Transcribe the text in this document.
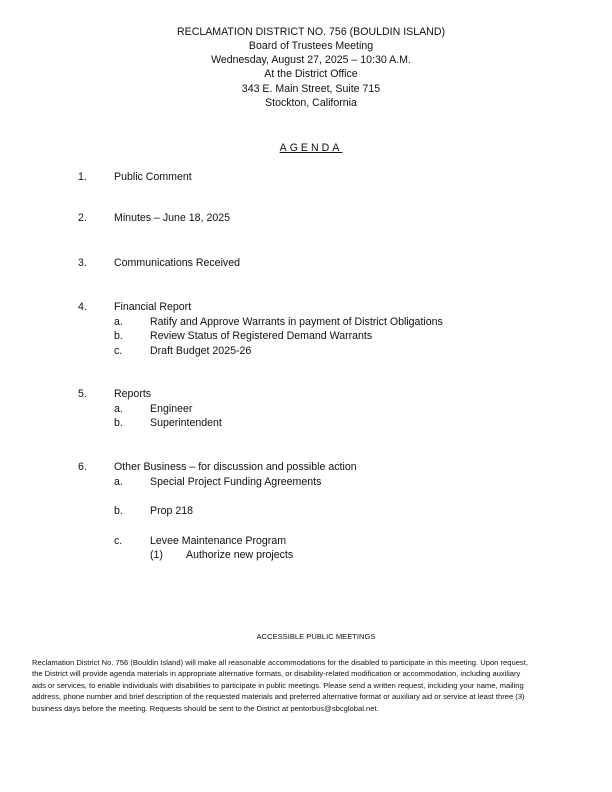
RECLAMATION DISTRICT NO. 756 (BOULDIN ISLAND)
Board of Trustees Meeting
Wednesday, August 27, 2025 – 10:30 A.M.
At the District Office
343 E. Main Street, Suite 715
Stockton, California
AGENDA
1.	Public Comment
2.	Minutes – June 18, 2025
3.	Communications Received
4.	Financial Report
a.	Ratify and Approve Warrants in payment of District Obligations
b.	Review Status of Registered Demand Warrants
c.	Draft Budget 2025-26
5.	Reports
a.	Engineer
b.	Superintendent
6.	Other Business – for discussion and possible action
a.	Special Project Funding Agreements
b.	Prop 218
c.	Levee Maintenance Program
(1) Authorize new projects
ACCESSIBLE PUBLIC MEETINGS
Reclamation District No. 756 (Bouldin Island) will make all reasonable accommodations for the disabled to participate in this meeting. Upon request,
the District will provide agenda materials in appropriate alternative formats, or disability-related modification or accommodation, including auxiliary
aids or services, to enable individuals with disabilities to participate in public meetings. Please send a written request, including your name, mailing
address, phone number and brief description of the requested materials and preferred alternative format or auxiliary aid or service at least three (3)
business days before the meeting. Requests should be sent to the District at pentorbus@sbcglobal.net.
